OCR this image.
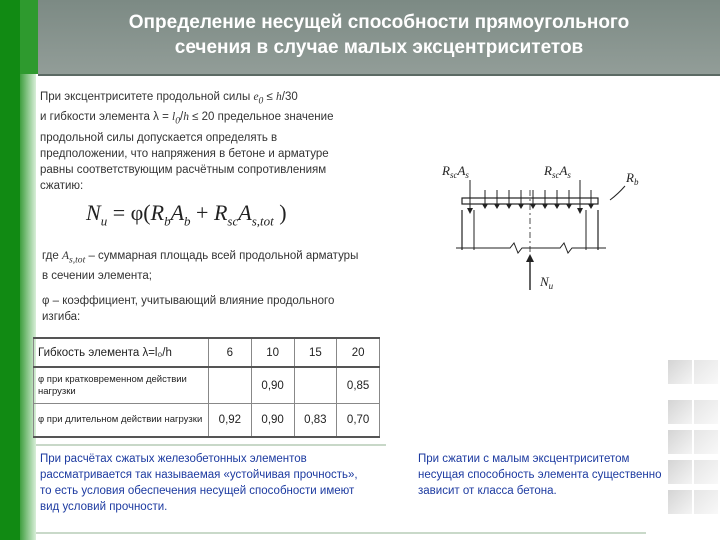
Определение несущей способности прямоугольного
сечения в случае малых эксцентриситетов
При эксцентриситете продольной силы $e_0 \le h/30$
и гибкости элемента $\lambda = l_0/h \le 20$ предельное значение продольной силы допускается определять в предположении, что напряжения в бетоне и арматуре равны соответствующим расчётным сопротивлениям сжатию:
$N_u = \varphi(R_bA_b + R_{sc}A_{s,tot}$ )
где $A_{s,tot}$ – суммарная площадь всей продольной арматуры в сечении элемента;
φ – коэффициент, учитывающий влияние продольного изгиба:
Гибкость элемента λ=l₀/h	6	10	15	20
φ при кратковременном действии нагрузки		0,90		0,85
φ при длительном действии нагрузки	0,92	0,90	0,83	0,70
При расчётах сжатых железобетонных элементов рассматривается так называемая «устойчивая прочность», то есть условия обеспечения несущей способности имеют вид условий прочности.
При сжатии с малым эксцентриситетом несущая способность элемента существенно зависит от класса бетона.
$R_{sc}A_s$	$R_{sc}A_s$	$R_b$
$N_u$
